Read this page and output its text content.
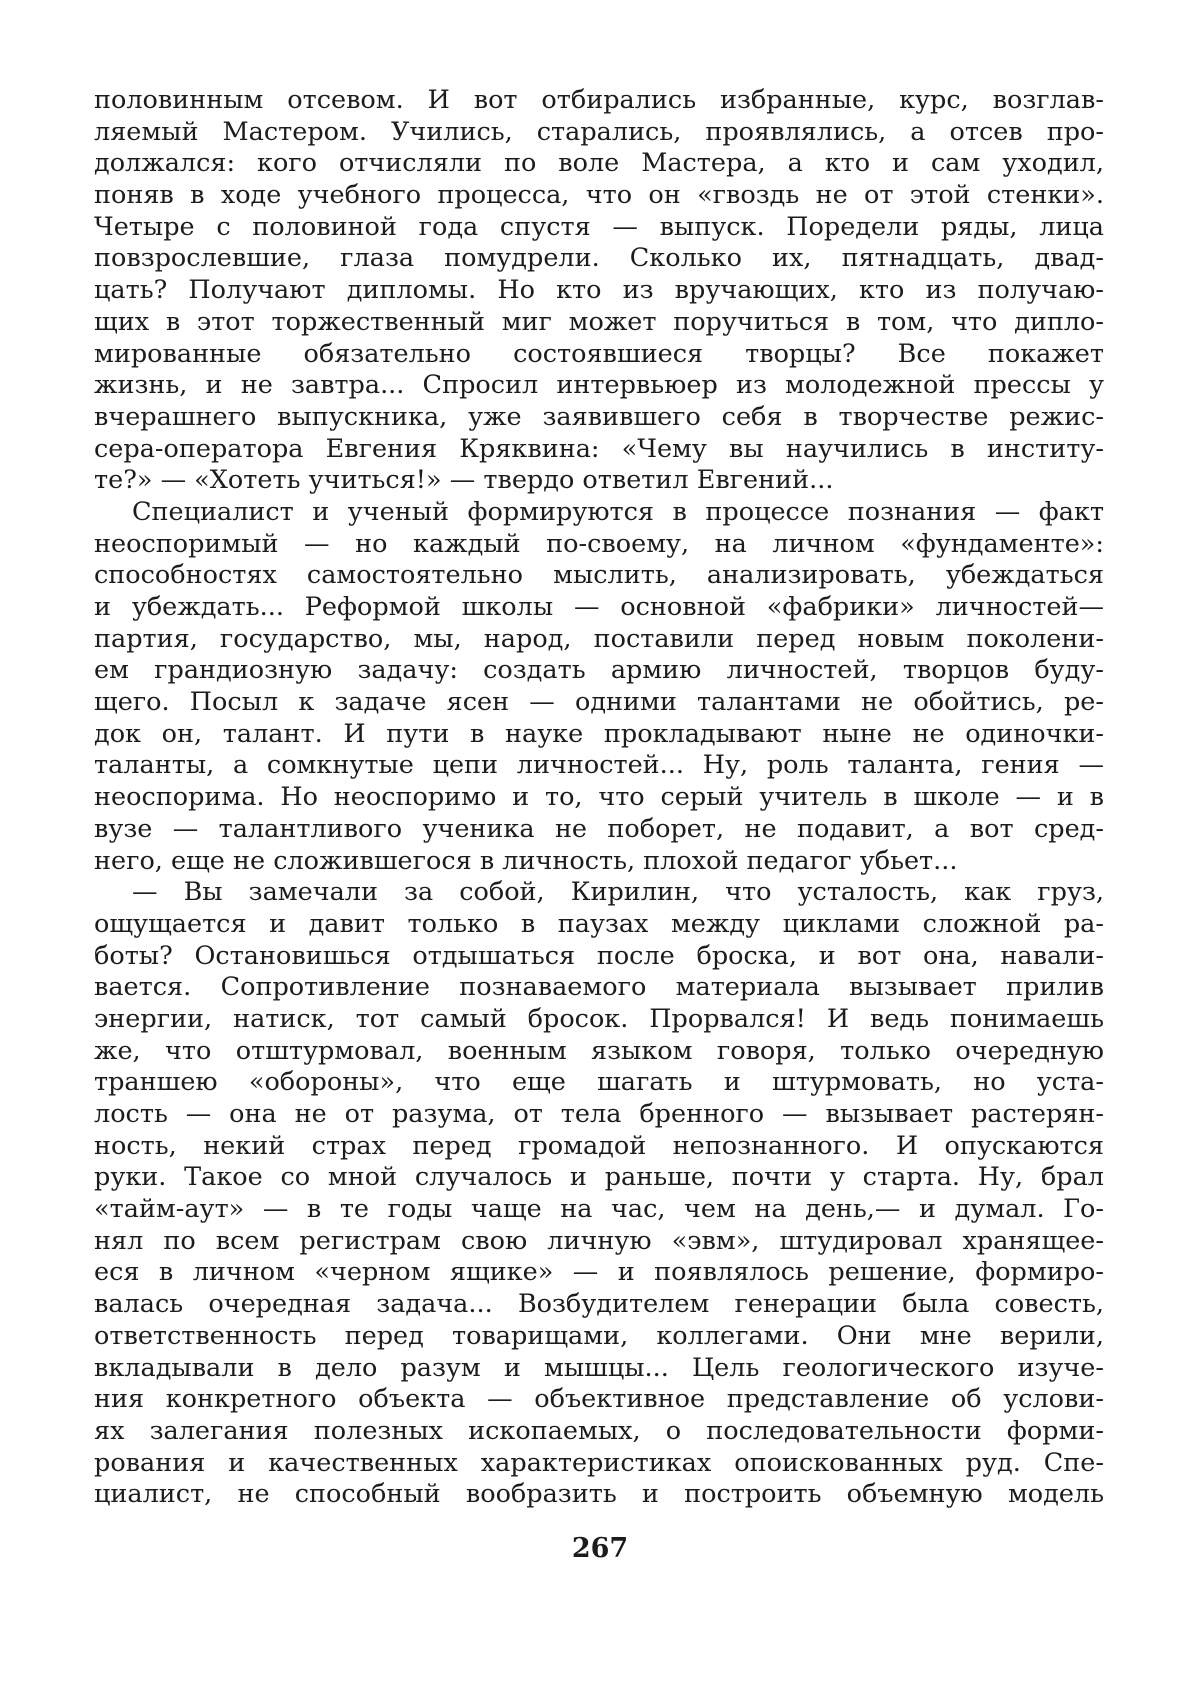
половинным отсевом. И вот отбирались избранные, курс, возглав-
ляемый Мастером. Учились, старались, проявлялись, а отсев про-
должался: кого отчисляли по воле Мастера, а кто и сам уходил,
поняв в ходе учебного процесса, что он «гвоздь не от этой стенки».
Четыре с половиной года спустя — выпуск. Поредели ряды, лица
повзрослевшие, глаза помудрели. Сколько их, пятнадцать, двад-
цать? Получают дипломы. Но кто из вручающих, кто из получаю-
щих в этот торжественный миг может поручиться в том, что дипло-
мированные обязательно состоявшиеся творцы? Все покажет
жизнь, и не завтра... Спросил интервьюер из молодежной прессы у
вчерашнего выпускника, уже заявившего себя в творчестве режис-
сера-оператора Евгения Кряквина: «Чему вы научились в институ-
те?» — «Хотеть учиться!» — твердо ответил Евгений...
Специалист и ученый формируются в процессе познания — факт
неоспоримый — но каждый по-своему, на личном «фундаменте»:
способностях самостоятельно мыслить, анализировать, убеждаться
и убеждать... Реформой школы — основной «фабрики» личностей—
партия, государство, мы, народ, поставили перед новым поколени-
ем грандиозную задачу: создать армию личностей, творцов буду-
щего. Посыл к задаче ясен — одними талантами не обойтись, ре-
док он, талант. И пути в науке прокладывают ныне не одиночки-
таланты, а сомкнутые цепи личностей... Ну, роль таланта, гения —
неоспорима. Но неоспоримо и то, что серый учитель в школе — и в
вузе — талантливого ученика не поборет, не подавит, а вот сред-
него, еще не сложившегося в личность, плохой педагог убьет...
— Вы замечали за собой, Кирилин, что усталость, как груз,
ощущается и давит только в паузах между циклами сложной ра-
боты? Остановишься отдышаться после броска, и вот она, навали-
вается. Сопротивление познаваемого материала вызывает прилив
энергии, натиск, тот самый бросок. Прорвался! И ведь понимаешь
же, что отштурмовал, военным языком говоря, только очередную
траншею «обороны», что еще шагать и штурмовать, но уста-
лость — она не от разума, от тела бренного — вызывает растерян-
ность, некий страх перед громадой непознанного. И опускаются
руки. Такое со мной случалось и раньше, почти у старта. Ну, брал
«тайм-аут» — в те годы чаще на час, чем на день,— и думал. Го-
нял по всем регистрам свою личную «эвм», штудировал хранящее-
еся в личном «черном ящике» — и появлялось решение, формиро-
валась очередная задача... Возбудителем генерации была совесть,
ответственность перед товарищами, коллегами. Они мне верили,
вкладывали в дело разум и мышцы... Цель геологического изуче-
ния конкретного объекта — объективное представление об услови-
ях залегания полезных ископаемых, о последовательности форми-
рования и качественных характеристиках опоискованных руд. Спе-
циалист, не способный вообразить и построить объемную модель
267
